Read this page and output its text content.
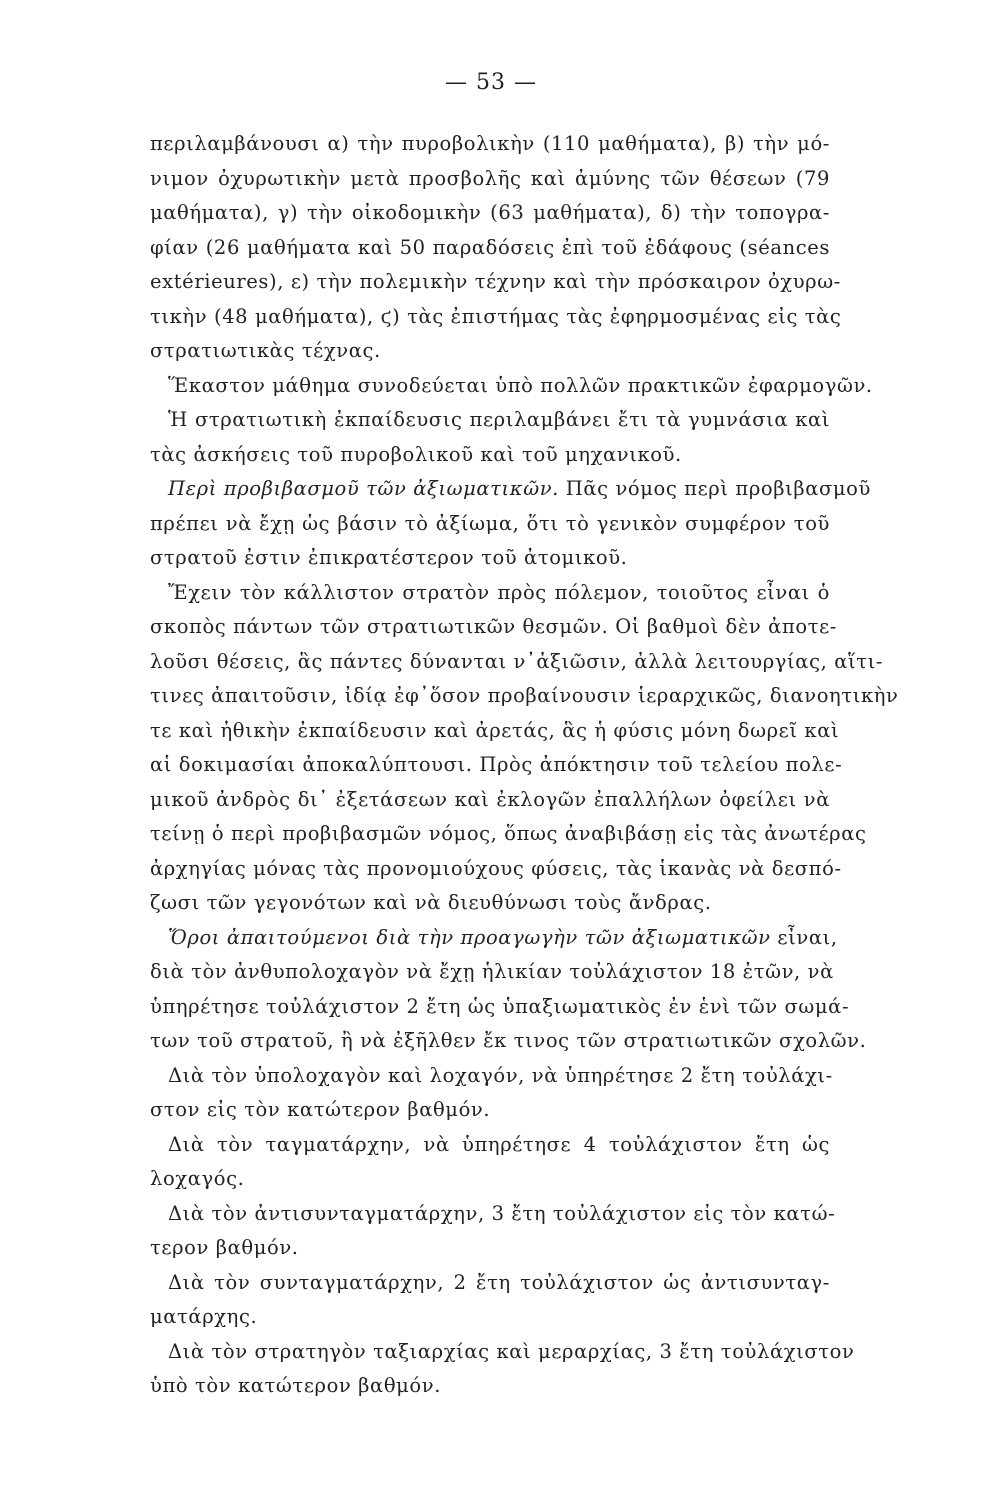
— 53 —
περιλαμβάνουσι α) τὴν πυροβολικὴν (110 μαθήματα), β) τὴν μό-
νιμον ὀχυρωτικὴν μετὰ προσβολῆς καὶ ἀμύνης τῶν θέσεων (79
μαθήματα), γ) τὴν οἰκοδομικὴν (63 μαθήματα), δ) τὴν τοπογρα-
φίαν (26 μαθήματα καὶ 50 παραδόσεις ἐπὶ τοῦ ἐδάφους (séances
extérieures), ε) τὴν πολεμικὴν τέχνην καὶ τὴν πρόσκαιρον ὀχυρω-
τικὴν (48 μαθήματα), ϛ) τὰς ἐπιστήμας τὰς ἐφηρμοσμένας εἰς τὰς
στρατιωτικὰς τέχνας.
Ἕκαστον μάθημα συνοδεύεται ὑπὸ πολλῶν πρακτικῶν ἐφαρμογῶν.
Ἡ στρατιωτικὴ ἐκπαίδευσις περιλαμβάνει ἔτι τὰ γυμνάσια καὶ
τὰς ἀσκήσεις τοῦ πυροβολικοῦ καὶ τοῦ μηχανικοῦ.
Περὶ προβιβασμοῦ τῶν ἀξιωματικῶν. Πᾶς νόμος περὶ προβιβασμοῦ
πρέπει νὰ ἔχῃ ὡς βάσιν τὸ ἀξίωμα, ὅτι τὸ γενικὸν συμφέρον τοῦ
στρατοῦ ἐστιν ἐπικρατέστερον τοῦ ἀτομικοῦ.
Ἔχειν τὸν κάλλιστον στρατὸν πρὸς πόλεμον, τοιοῦτος εἶναι ὁ
σκοπὸς πάντων τῶν στρατιωτικῶν θεσμῶν. Οἱ βαθμοὶ δὲν ἀποτε-
λοῦσι θέσεις, ἃς πάντες δύνανται ν᾽ἀξιῶσιν, ἀλλὰ λειτουργίας, αἵτι-
τινες ἀπαιτοῦσιν, ἰδίᾳ ἐφ᾽ὅσον προβαίνουσιν ἱεραρχικῶς, διανοητικὴν
τε καὶ ἠθικὴν ἐκπαίδευσιν καὶ ἀρετάς, ἃς ἡ φύσις μόνη δωρεῖ καὶ
αἱ δοκιμασίαι ἀποκαλύπτουσι. Πρὸς ἀπόκτησιν τοῦ τελείου πολε-
μικοῦ ἀνδρὸς δι᾽ ἐξετάσεων καὶ ἐκλογῶν ἐπαλλήλων ὀφείλει νὰ
τείνῃ ὁ περὶ προβιβασμῶν νόμος, ὅπως ἀναβιβάσῃ εἰς τὰς ἀνωτέρας
ἀρχηγίας μόνας τὰς προνομιούχους φύσεις, τὰς ἱκανὰς νὰ δεσπό-
ζωσι τῶν γεγονότων καὶ νὰ διευθύνωσι τοὺς ἄνδρας.
Ὅροι ἀπαιτούμενοι διὰ τὴν προαγωγὴν τῶν ἀξιωματικῶν εἶναι,
διὰ τὸν ἀνθυπολοχαγὸν νὰ ἔχῃ ἡλικίαν τοὐλάχιστον 18 ἐτῶν, νὰ
ὑπηρέτησε τοὐλάχιστον 2 ἔτη ὡς ὑπαξιωματικὸς ἐν ἑνὶ τῶν σωμά-
των τοῦ στρατοῦ, ἢ νὰ ἐξῆλθεν ἔκ τινος τῶν στρατιωτικῶν σχολῶν.
Διὰ τὸν ὑπολοχαγὸν καὶ λοχαγόν, νὰ ὑπηρέτησε 2 ἔτη τοὐλάχι-
στον εἰς τὸν κατώτερον βαθμόν.
Διὰ τὸν ταγματάρχην, νὰ ὑπηρέτησε 4 τοὐλάχιστον ἔτη ὡς
λοχαγός.
Διὰ τὸν ἀντισυνταγματάρχην, 3 ἔτη τοὐλάχιστον εἰς τὸν κατώ-
τερον βαθμόν.
Διὰ τὸν συνταγματάρχην, 2 ἔτη τοὐλάχιστον ὡς ἀντισυνταγ-
ματάρχης.
Διὰ τὸν στρατηγὸν ταξιαρχίας καὶ μεραρχίας, 3 ἔτη τοὐλάχιστον
ὑπὸ τὸν κατώτερον βαθμόν.
